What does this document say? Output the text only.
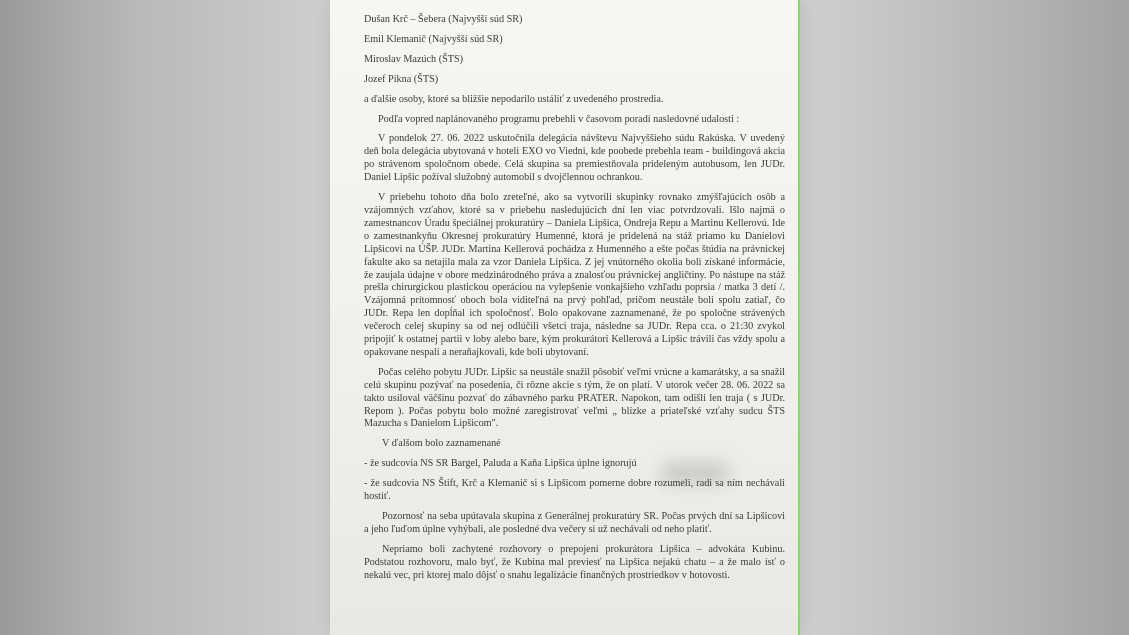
Dušan Krč – Šebera (Najvyšší súd SR)
Emil Klemanič (Najvyšší súd SR)
Miroslav Mazúch (ŠTS)
Jozef Pikna (ŠTS)
a ďalšie osoby, ktoré sa bližšie nepodarilo ustáliť z uvedeného prostredia.
Podľa vopred naplánovaného programu prebehli v časovom poradí nasledovné udalosti :
V pondelok 27. 06. 2022 uskutočnila delegácia návštevu Najvyššieho súdu Rakúska. V uvedený deň bola delegácia ubytovaná v hoteli EXO vo Viedni, kde poobede prebehla team - buildingová akcia po strávenom spoločnom obede. Celá skupina sa premiestňovala prideleným autobusom, len JUDr. Daniel Lipšic požíval služobný automobil s dvojčlennou ochrankou.
V priebehu tohoto dňa bolo zreteľné, ako sa vytvorili skupinky rovnako zmýšľajúcich osôb a vzájomných vzťahov, ktoré sa v priebehu nasledujúcich dní len viac potvrdzovali. Išlo najmä o zamestnancov Úradu špeciálnej prokuratúry – Daniela Lipšica, Ondreja Repu a Martinu Kellerovú. Ide o zamestnankyňu Okresnej prokuratúry Humenné, ktorá je pridelená na stáž priamo ku Danielovi Lipšicovi na ÚŠP. JUDr. Martina Kellerová pochádza z Humenného a ešte počas štúdia na právnickej fakulte ako sa netajila mala za vzor Daniela Lipšica. Z jej vnútorného okolia boli získané informácie, že zaujala údajne v obore medzinárodného práva a znalosťou právnickej angličtiny. Po nástupe na stáž prešla chirurgickou plastickou operáciou na vylepšenie vonkajšieho vzhľadu poprsia / matka 3 detí /. Vzájomná prítomnosť oboch bola viditeľná na prvý pohľad, pričom neustále boli spolu zatiaľ, čo JUDr. Repa len dopĺňal ich spoločnosť. Bolo opakovane zaznamenané, že po spoločne strávených večeroch celej skupiny sa od nej odlúčili všetci traja, následne sa JUDr. Repa cca. o 21:30 zvykol pripojiť k ostatnej partii v loby alebo bare, kým prokurátori Kellerová a Lipšic trávili čas vždy spolu a opakovane nespali a neraňajkovali, kde boli ubytovaní.
Počas celého pobytu JUDr. Lipšic sa neustále snažil pôsobiť veľmi vrúcne a kamarátsky, a sa snažil celú skupinu pozývať na posedenia, či rôzne akcie s tým, že on platí. V utorok večer 28. 06. 2022 sa takto usiloval väčšinu pozvať do zábavného parku PRATER. Napokon, tam odišli len traja ( s JUDr. Repom ). Počas pobytu bolo možné zaregistrovať veľmi „ blízke a priateľské vzťahy sudcu ŠTS Mazucha s Danielom Lipšicom".
V ďalšom bolo zaznamenané
- že sudcovia NS SR Bargel, Paluda a Kaňa Lipšica úplne ignorujú
- že sudcovia NS Štift, Krč a Klemanič si s Lipšicom pomerne dobre rozumeli, radi sa ním nechávali hostiť.
Pozornosť na seba upútavala skupina z Generálnej prokuratúry SR. Počas prvých dní sa Lipšicovi a jeho ľuďom úplne vyhýbali, ale posledné dva večery si už nechávali od neho platiť.
Nepriamo boli zachytené rozhovory o prepojení prokurátora Lipšica – advokáta Kubinu. Podstatou rozhovoru, malo byť, že Kubina mal previesť na Lipšica nejakú chatu – a že malo ísť o nekalú vec, pri ktorej malo dôjsť o snahu legalizácie finančných prostriedkov v hotovosti.
